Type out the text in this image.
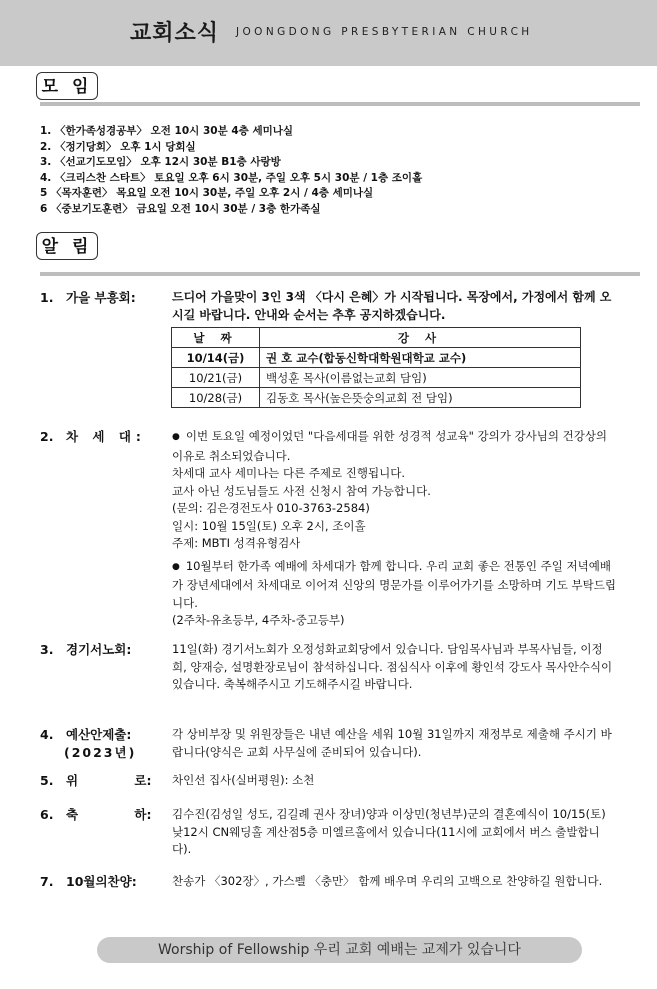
교회소식 JOONGDONG PRESBYTERIAN CHURCH
모 임
1. 〈한가족성경공부〉 오전 10시 30분 4층 세미나실
2. 〈정기당회〉 오후 1시 당회실
3. 〈선교기도모임〉 오후 12시 30분 B1층 사랑방
4. 〈크리스찬 스타트〉 토요일 오후 6시 30분, 주일 오후 5시 30분 / 1층 조이홀
5 〈목자훈련〉 목요일 오전 10시 30분, 주일 오후 2시 / 4층 세미나실
6 〈중보기도훈련〉 금요일 오전 10시 30분 / 3층 한가족실
알 림
1. 가을 부흥회:	드디어 가을맞이 3인 3색 〈다시 은혜〉가 시작됩니다. 목장에서, 가정에서 함께 오시길 바랍니다. 안내와 순서는 추후 공지하겠습니다.
날 짜	강 사
10/14(금)	권 호 교수(합동신학대학원대학교 교수)
10/21(금)	백성훈 목사(이름없는교회 담임)
10/28(금)	김동호 목사(높은뜻숭의교회 전 담임)
2. 차 세 대:	● 이번 토요일 예정이었던 "다음세대를 위한 성경적 성교육" 강의가 강사님의 건강상의 이유로 취소되었습니다.
차세대 교사 세미나는 다른 주제로 진행됩니다.
교사 아닌 성도님들도 사전 신청시 참여 가능합니다.
(문의: 김은경전도사 010-3763-2584)
일시: 10월 15일(토) 오후 2시, 조이홀
주제: MBTI 성격유형검사
● 10월부터 한가족 예배에 차세대가 함께 합니다. 우리 교회 좋은 전통인 주일 저녁예배가 장년세대에서 차세대로 이어져 신앙의 명문가를 이루어가기를 소망하며 기도 부탁드립니다.
(2주차-유초등부, 4주차-중고등부)
3. 경기서노회:	11일(화) 경기서노회가 오정성화교회당에서 있습니다. 담임목사님과 부목사님들, 이정희, 양재승, 설명환장로님이 참석하십니다. 점심식사 이후에 황인석 강도사 목사안수식이 있습니다. 축복해주시고 기도해주시길 바랍니다.
4. 예산안제출:
(2023년)
각 상비부장 및 위원장들은 내년 예산을 세워 10월 31일까지 재정부로 제출해 주시기 바랍니다(양식은 교회 사무실에 준비되어 있습니다).
5. 위 로:	차인선 집사(실버평원): 소천
6. 축 하:	김수진(김성일 성도, 김길례 권사 장녀)양과 이상민(청년부)군의 결혼예식이 10/15(토) 낮12시 CN웨딩홀 계산점5층 미엘르홀에서 있습니다(11시에 교회에서 버스 출발합니다).
7. 10월의찬양:	찬송가 〈302장〉, 가스펠 〈충만〉 함께 배우며 우리의 고백으로 찬양하길 원합니다.
Worship of Fellowship 우리 교회 예배는 교제가 있습니다
